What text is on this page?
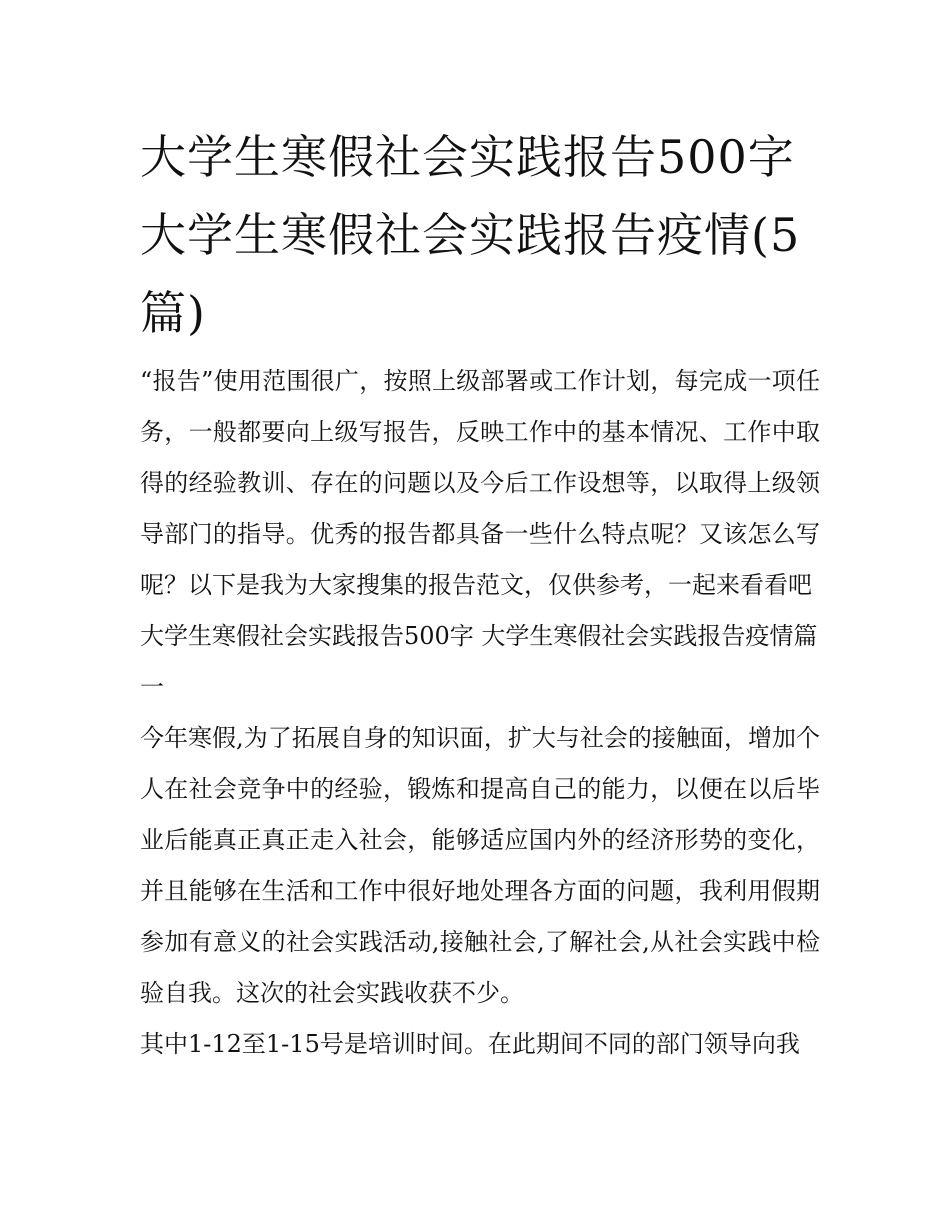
大学生寒假社会实践报告500字 大学生寒假社会实践报告疫情(5篇)

“报告”使用范围很广，按照上级部署或工作计划，每完成一项任务，一般都要向上级写报告，反映工作中的基本情况、工作中取得的经验教训、存在的问题以及今后工作设想等，以取得上级领导部门的指导。优秀的报告都具备一些什么特点呢？又该怎么写呢？以下是我为大家搜集的报告范文，仅供参考，一起来看看吧

大学生寒假社会实践报告500字 大学生寒假社会实践报告疫情篇一

今年寒假,为了拓展自身的知识面，扩大与社会的接触面，增加个人在社会竞争中的经验，锻炼和提高自己的能力，以便在以后毕业后能真正真正走入社会，能够适应国内外的经济形势的变化，并且能够在生活和工作中很好地处理各方面的问题，我利用假期参加有意义的社会实践活动,接触社会,了解社会,从社会实践中检验自我。这次的社会实践收获不少。

其中1-12至1-15号是培训时间。在此期间不同的部门领导向我
